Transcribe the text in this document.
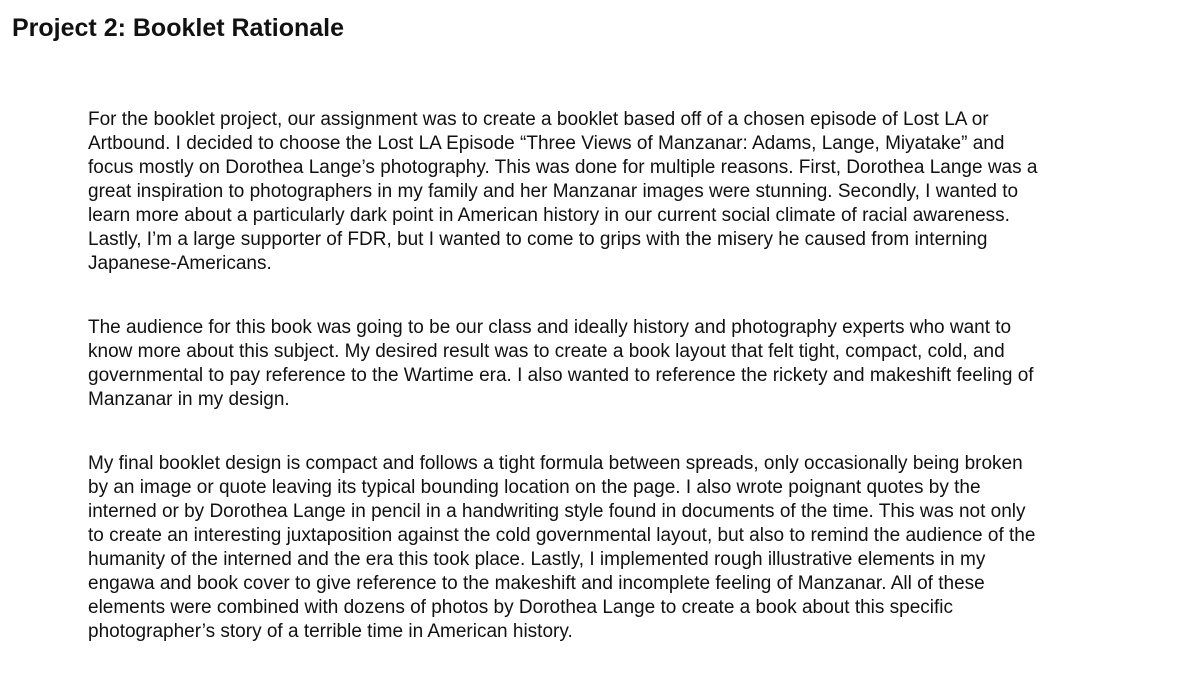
Project 2: Booklet Rationale

For the booklet project, our assignment was to create a booklet based off of a chosen episode of Lost LA or
Artbound. I decided to choose the Lost LA Episode “Three Views of Manzanar: Adams, Lange, Miyatake” and
focus mostly on Dorothea Lange’s photography. This was done for multiple reasons. First, Dorothea Lange was a
great inspiration to photographers in my family and her Manzanar images were stunning. Secondly, I wanted to
learn more about a particularly dark point in American history in our current social climate of racial awareness.
Lastly, I’m a large supporter of FDR, but I wanted to come to grips with the misery he caused from interning
Japanese-Americans.

The audience for this book was going to be our class and ideally history and photography experts who want to
know more about this subject. My desired result was to create a book layout that felt tight, compact, cold, and
governmental to pay reference to the Wartime era. I also wanted to reference the rickety and makeshift feeling of
Manzanar in my design.

My final booklet design is compact and follows a tight formula between spreads, only occasionally being broken
by an image or quote leaving its typical bounding location on the page. I also wrote poignant quotes by the
interned or by Dorothea Lange in pencil in a handwriting style found in documents of the time. This was not only
to create an interesting juxtaposition against the cold governmental layout, but also to remind the audience of the
humanity of the interned and the era this took place. Lastly, I implemented rough illustrative elements in my
engawa and book cover to give reference to the makeshift and incomplete feeling of Manzanar. All of these
elements were combined with dozens of photos by Dorothea Lange to create a book about this specific
photographer’s story of a terrible time in American history.
